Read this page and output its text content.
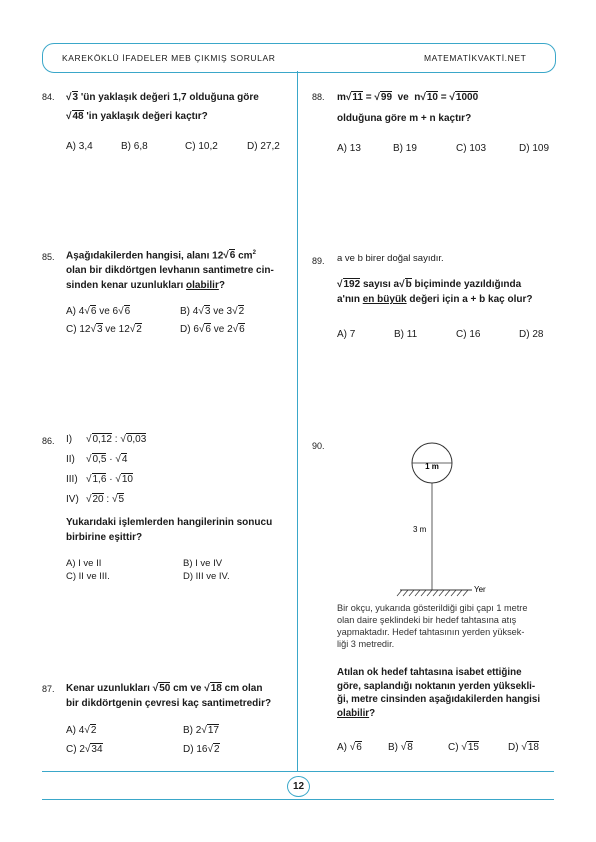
KAREKÖKLÜ İFADELER MEB ÇIKMIŞ SORULAR	MATEMATİKVAKTİ.NET
84. √	3 'ün yaklaşık değeri 1,7 olduğuna göre
√ 48 'in yaklaşık değeri kaçtır?
A) 3,4	B) 6,8	C) 10,2	D) 27,2
85. Aşağıdakilerden hangisi, alanı 12 √ 6 $cm^2$
olan bir dikdörtgen levhanın santimetre cin-
sinden kenar uzunlukları olabilir?
A) 4 √ 6 ve 6 √ 6	B) 4 √ 3 ve 3 √ 2
C) 12 √ 3 ve 12 √ 2	D) 6 √ 6 ve 2 √ 6
86. I) √ 0,12 : √ 0,03
II) √ 0,5 · √ 4
III) √ 1,6 · √ 10
IV) √ 20 : √ 5
Yukarıdaki işlemlerden hangilerinin sonucu
birbirine eşittir?
A) I ve II	B) I ve IV
C) II ve III.	D) III ve IV.
87. Kenar uzunlukları √ 50 cm ve √ 18 cm olan
bir dikdörtgenin çevresi kaç santimetredir?
A) 4 √ 2	B) 2 √ 17
C) 2 √ 34	D) 16 √ 2
88. m √ 11 = √ 99 ve n √ 10 = √ 1000
olduğuna göre m + n kaçtır?
A) 13	B) 19	C) 103	D) 109
89. a ve b birer doğal sayıdır.
√ 192 sayısı a √ b biçiminde yazıldığında
a'nın en büyük değeri için a + b kaç olur?
A) 7	B) 11	C) 16	D) 28
90.
1 m
3 m
Yer
Bir okçu, yukarıda gösterildiği gibi çapı 1 metre
olan daire şeklindeki bir hedef tahtasına atış
yapmaktadır. Hedef tahtasının yerden yüksek-
liği 3 metredir.
Atılan ok hedef tahtasına isabet ettiğine
göre, saplandığı noktanın yerden yüksekli-
ği, metre cinsinden aşağıdakilerden hangisi
olabilir?
A) √ 6	B) √ 8	C) √ 15	D) √ 18
12
